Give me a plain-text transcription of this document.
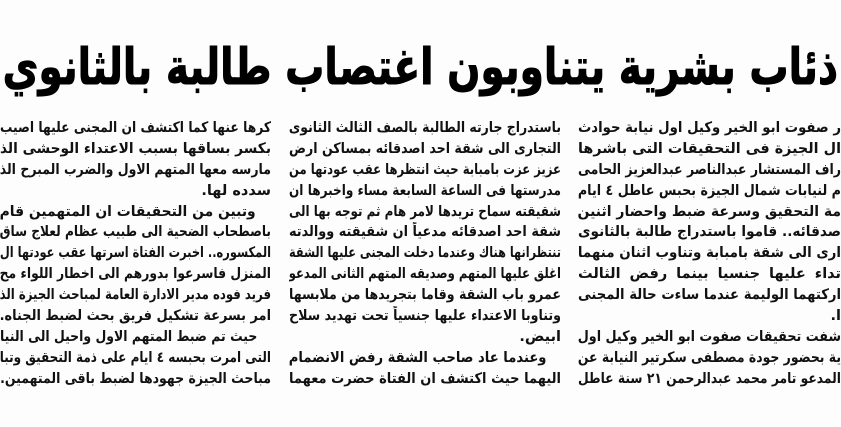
ذئاب بشرية يتناوبون اغتصاب طالبة بالثانوي
ر صفوت ابو الخير وكيل اول نيابة حوادث
ال الجيزة فى التحقيقات التى باشرها
راف المستشار عبدالناصر عبدالعزيز الحامى
م لنيابات شمال الجيزة بحبس عاطل ٤ ايام
مة التحقيق وسرعة ضبط واحضار اثنين
صدقائه.. قاموا باستدراج طالبة بالثانوى
ارى الى شقة بامبابة وتناوب اثنان منهما
تداء عليها جنسيا بينما رفض الثالث
اركتهما الوليمة عندما ساءت حالة المجنى
ا.
شفت تحقيقات صفوت ابو الخير وكيل اول
ية بحضور جودة مصطفى سكرتير النيابة عن
المدعو تامر محمد عبدالرحمن ٢١ سنة عاطل
باستدراج جارته الطالبة بالصف الثالث الثانوى
التجارى الى شقة احد اصدقائه بمساكن ارض
عزيز عزت بامبابة حيث انتظرها عقب عودتها من
مدرستها فى الساعة السابعة مساء واخبرها ان
شقيقته سماح تريدها لامر هام ثم توجه بها الى
شقة احد اصدقائه مدعياً ان شقيقته ووالدته
تنتظرانها هناك وعندما دخلت المجنى عليها الشقة
اغلق عليها المتهم وصديقه المتهم الثانى المدعو
عمرو باب الشقة وقاما بتجريدها من ملابسها
وتناوبا الاعتداء عليها جنسياً تحت تهديد سلاح
ابيض.
وعندما عاد صاحب الشقة رفض الانضمام
اليهما حيث اكتشف ان الفتاة حضرت معهما
كرها عنها كما اكتشف ان المجنى عليها اصيب
بكسر بساقها بسبب الاعتداء الوحشى الذ
مارسه معها المتهم الاول والضرب المبرح الذ
سدده لها.
وتبين من التحقيقات ان المتهمين قام
باصطحاب الضحية الى طبيب عظام لعلاج ساق
المكسوره.. اخبرت الفتاة اسرتها عقب عودتها ال
المنزل فاسرعوا بدورهم الى اخطار اللواء مح
فريد فوده مدير الادارة العامة لمباحث الجيزة الذ
امر بسرعة تشكيل فريق بحث لضبط الجناه.
حيث تم ضبط المتهم الاول واحيل الى النيا
التى امرت بحبسه ٤ ايام على ذمة التحقيق وتبا
مباحث الجيزة جهودها لضبط باقى المتهمين.
